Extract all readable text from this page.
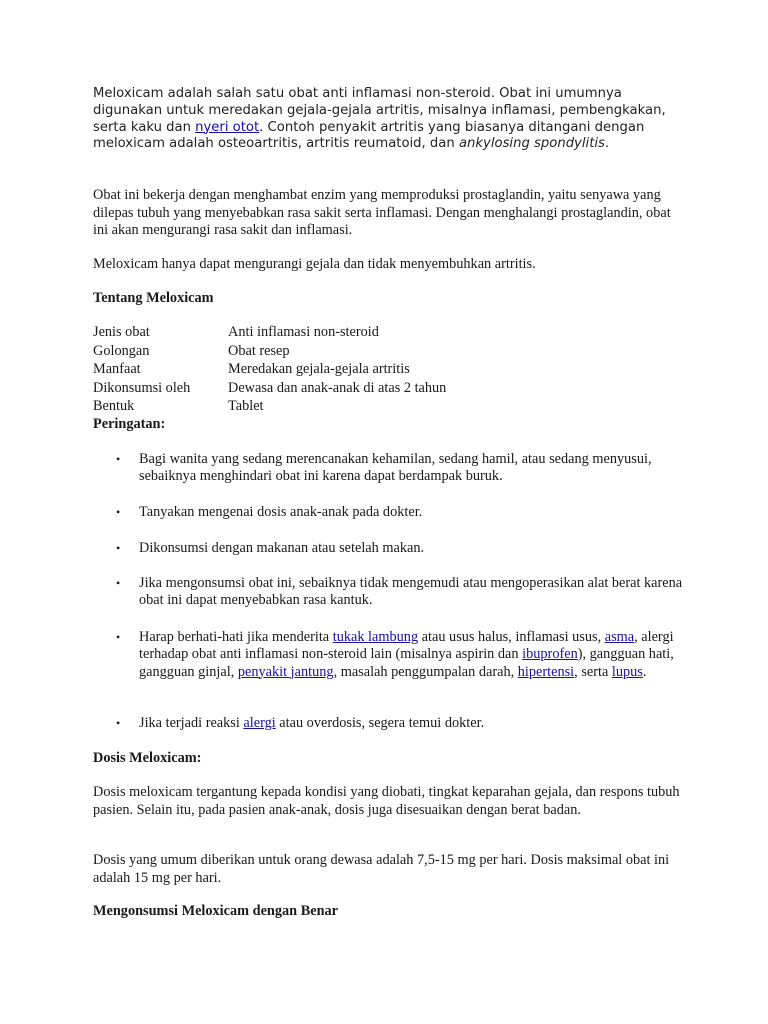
Meloxicam adalah salah satu obat anti inflamasi non-steroid. Obat ini umumnya digunakan untuk meredakan gejala-gejala artritis, misalnya inflamasi, pembengkakan, serta kaku dan nyeri otot. Contoh penyakit artritis yang biasanya ditangani dengan meloxicam adalah osteoartritis, artritis reumatoid, dan ankylosing spondylitis.
Obat ini bekerja dengan menghambat enzim yang memproduksi prostaglandin, yaitu senyawa yang dilepas tubuh yang menyebabkan rasa sakit serta inflamasi. Dengan menghalangi prostaglandin, obat ini akan mengurangi rasa sakit dan inflamasi.
Meloxicam hanya dapat mengurangi gejala dan tidak menyembuhkan artritis.
Tentang Meloxicam
Jenis obat	Anti inflamasi non-steroid
Golongan	Obat resep
Manfaat	Meredakan gejala-gejala artritis
Dikonsumsi oleh	Dewasa dan anak-anak di atas 2 tahun
Bentuk	Tablet
Peringatan:
• Bagi wanita yang sedang merencanakan kehamilan, sedang hamil, atau sedang menyusui, sebaiknya menghindari obat ini karena dapat berdampak buruk.
• Tanyakan mengenai dosis anak-anak pada dokter.
• Dikonsumsi dengan makanan atau setelah makan.
• Jika mengonsumsi obat ini, sebaiknya tidak mengemudi atau mengoperasikan alat berat karena obat ini dapat menyebabkan rasa kantuk.
• Harap berhati-hati jika menderita tukak lambung atau usus halus, inflamasi usus, asma, alergi terhadap obat anti inflamasi non-steroid lain (misalnya aspirin dan ibuprofen), gangguan hati, gangguan ginjal, penyakit jantung, masalah penggumpalan darah, hipertensi, serta lupus.
• Jika terjadi reaksi alergi atau overdosis, segera temui dokter.
Dosis Meloxicam:
Dosis meloxicam tergantung kepada kondisi yang diobati, tingkat keparahan gejala, dan respons tubuh pasien. Selain itu, pada pasien anak-anak, dosis juga disesuaikan dengan berat badan.
Dosis yang umum diberikan untuk orang dewasa adalah 7,5-15 mg per hari. Dosis maksimal obat ini adalah 15 mg per hari.
Mengonsumsi Meloxicam dengan Benar
